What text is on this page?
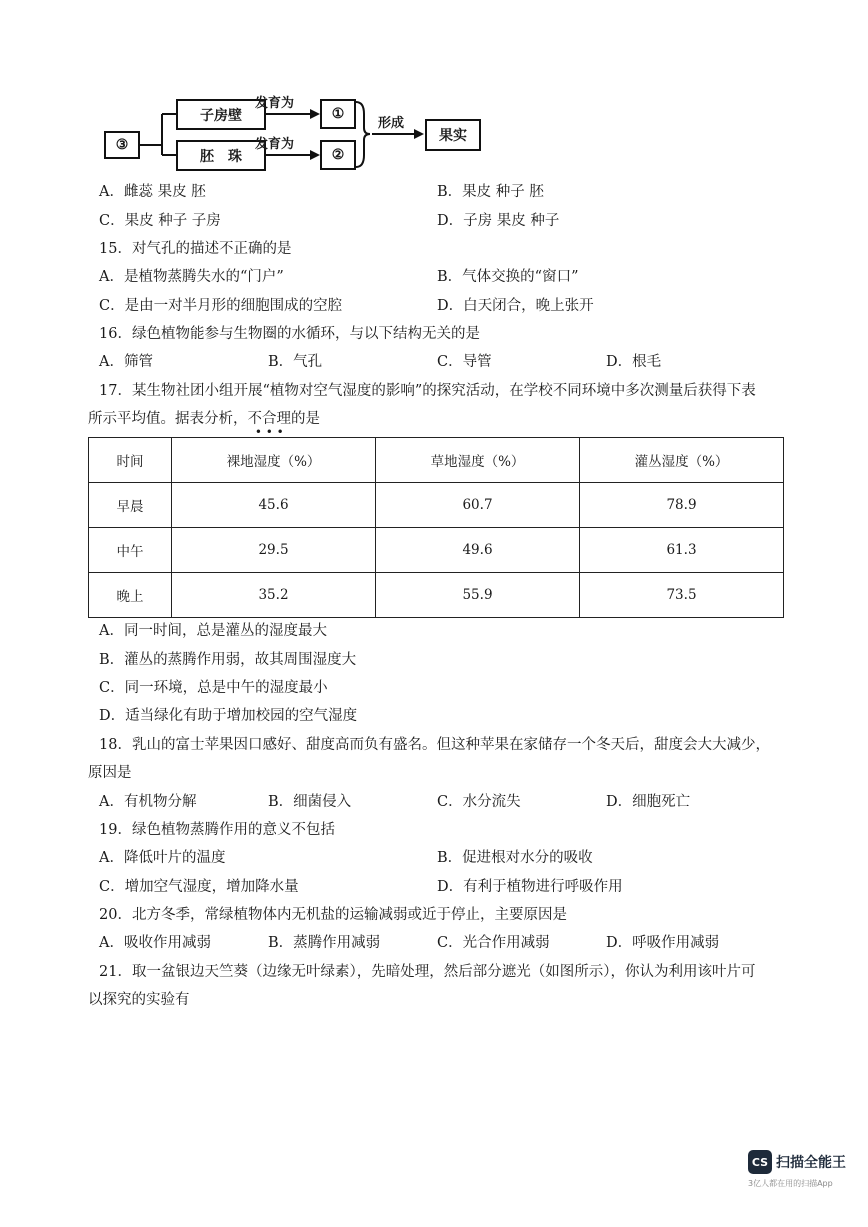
③
子房壁
胚　珠
发育为
发育为
①
②
形成
果实
A．雌蕊 果皮 胚	B．果皮 种子 胚
C．果皮 种子 子房	D．子房 果皮 种子
15．对气孔的描述不正确的是
A．是植物蒸腾失水的“门户”	B．气体交换的“窗口”
C．是由一对半月形的细胞围成的空腔	D．白天闭合，晚上张开
16．绿色植物能参与生物圈的水循环，与以下结构无关的是
A．筛管	B．气孔	C．导管	D．根毛
17．某生物社团小组开展“植物对空气湿度的影响”的探究活动，在学校不同环境中多次测量后获得下表
所示平均值。据表分析，不合理
• • •
的是
时间	裸地湿度（%）	草地湿度（%）	灌丛湿度（%）
早晨	45.6	60.7	78.9
中午	29.5	49.6	61.3
晚上	35.2	55.9	73.5
A．同一时间，总是灌丛的湿度最大
B．灌丛的蒸腾作用弱，故其周围湿度大
C．同一环境，总是中午的湿度最小
D．适当绿化有助于增加校园的空气湿度
18．乳山的富士苹果因口感好、甜度高而负有盛名。但这种苹果在家储存一个冬天后，甜度会大大减少，
原因是
A．有机物分解	B．细菌侵入	C．水分流失	D．细胞死亡
19．绿色植物蒸腾作用的意义不包括
A．降低叶片的温度	B．促进根对水分的吸收
C．增加空气湿度，增加降水量	D．有利于植物进行呼吸作用
20．北方冬季，常绿植物体内无机盐的运输减弱或近于停止，主要原因是
A．吸收作用减弱	B．蒸腾作用减弱	C．光合作用减弱	D．呼吸作用减弱
21．取一盆银边天竺葵（边缘无叶绿素），先暗处理，然后部分遮光（如图所示），你认为利用该叶片可
以探究的实验有
CS 扫描全能王
3亿人都在用的扫描App
